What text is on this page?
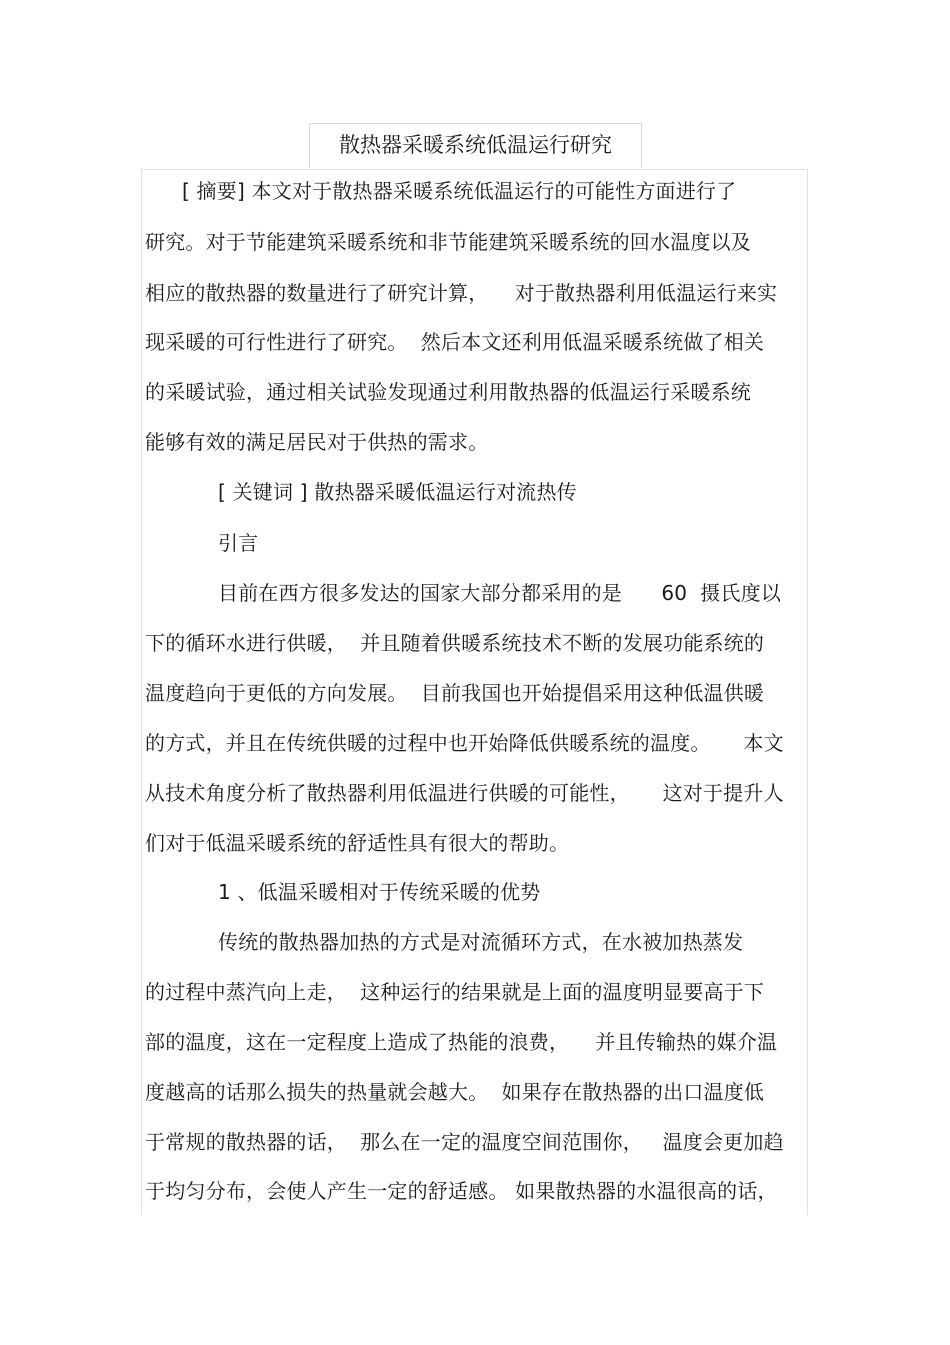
散热器采暖系统低温运行研究
[ 摘要] 本文对于散热器采暖系统低温运行的可能性方面进行了
研究。对于节能建筑采暖系统和非节能建筑采暖系统的回水温度以及
相应的散热器的数量进行了研究计算，    对于散热器利用低温运行来实
现采暖的可行性进行了研究。  然后本文还利用低温采暖系统做了相关
的采暖试验，通过相关试验发现通过利用散热器的低温运行采暖系统
能够有效的满足居民对于供热的需求。
[ 关键词 ] 散热器采暖低温运行对流热传
引言
目前在西方很多发达的国家大部分都采用的是      60  摄氏度以
下的循环水进行供暖，  并且随着供暖系统技术不断的发展功能系统的
温度趋向于更低的方向发展。  目前我国也开始提倡采用这种低温供暖
的方式，并且在传统供暖的过程中也开始降低供暖系统的温度。     本文
从技术角度分析了散热器利用低温进行供暖的可能性，     这对于提升人
们对于低温采暖系统的舒适性具有很大的帮助。
1 、低温采暖相对于传统采暖的优势
传统的散热器加热的方式是对流循环方式，在水被加热蒸发
的过程中蒸汽向上走，  这种运行的结果就是上面的温度明显要高于下
部的温度，这在一定程度上造成了热能的浪费，    并且传输热的媒介温
度越高的话那么损失的热量就会越大。  如果存在散热器的出口温度低
于常规的散热器的话，  那么在一定的温度空间范围你，   温度会更加趋
于均匀分布，会使人产生一定的舒适感。 如果散热器的水温很高的话，
